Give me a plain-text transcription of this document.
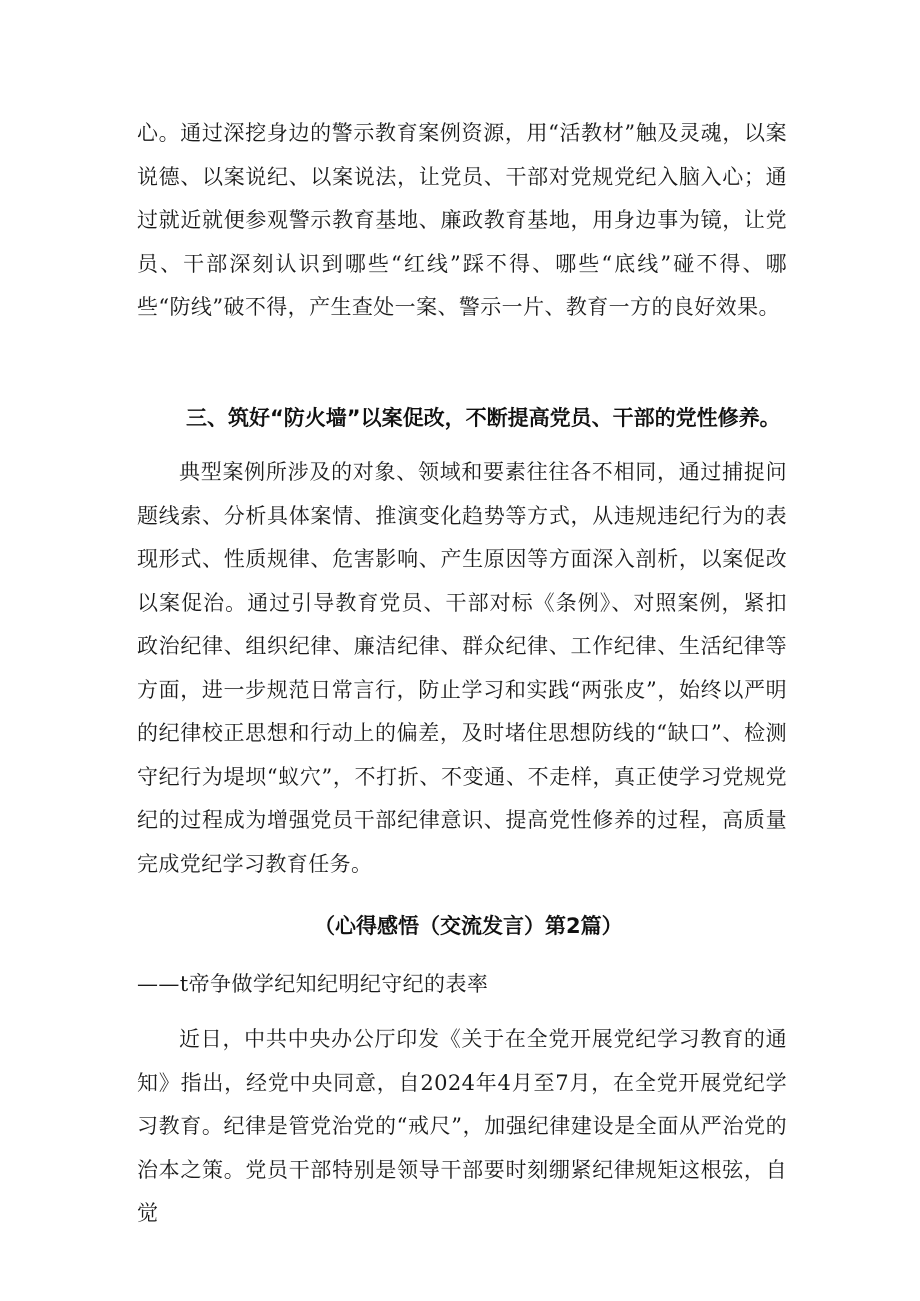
心。通过深挖身边的警示教育案例资源，用“活教材”触及灵魂，以案说德、以案说纪、以案说法，让党员、干部对党规党纪入脑入心；通过就近就便参观警示教育基地、廉政教育基地，用身边事为镜，让党员、干部深刻认识到哪些“红线”踩不得、哪些“底线”碰不得、哪些“防线”破不得，产生查处一案、警示一片、教育一方的良好效果。

三、筑好“防火墙”以案促改，不断提高党员、干部的党性修养。

典型案例所涉及的对象、领域和要素往往各不相同，通过捕捉问题线索、分析具体案情、推演变化趋势等方式，从违规违纪行为的表现形式、性质规律、危害影响、产生原因等方面深入剖析，以案促改以案促治。通过引导教育党员、干部对标《条例》、对照案例，紧扣政治纪律、组织纪律、廉洁纪律、群众纪律、工作纪律、生活纪律等方面，进一步规范日常言行，防止学习和实践“两张皮”，始终以严明的纪律校正思想和行动上的偏差，及时堵住思想防线的“缺口”、检测守纪行为堤坝“蚁穴”，不打折、不变通、不走样，真正使学习党规党纪的过程成为增强党员干部纪律意识、提高党性修养的过程，高质量完成党纪学习教育任务。

（心得感悟（交流发言）第2篇）

——t帝争做学纪知纪明纪守纪的表率

近日，中共中央办公厅印发《关于在全党开展党纪学习教育的通知》指出，经党中央同意，自2024年4月至7月，在全党开展党纪学习教育。纪律是管党治党的“戒尺”，加强纪律建设是全面从严治党的治本之策。党员干部特别是领导干部要时刻绷紧纪律规矩这根弦，自觉
